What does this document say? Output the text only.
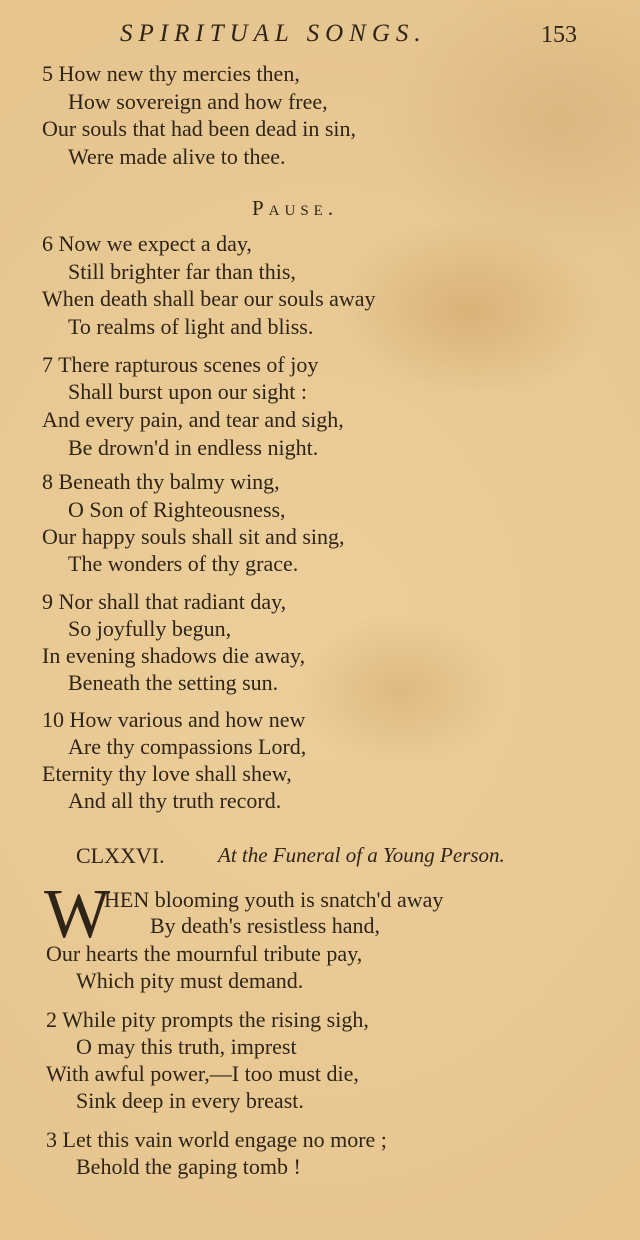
SPIRITUAL SONGS.	153
5 How new thy mercies then,
How sovereign and how free,
Our souls that had been dead in sin,
Were made alive to thee.
Pause.
6 Now we expect a day,
Still brighter far than this,
When death shall bear our souls away
To realms of light and bliss.
7 There rapturous scenes of joy
Shall burst upon our sight :
And every pain, and tear and sigh,
Be drown'd in endless night.
8 Beneath thy balmy wing,
O Son of Righteousness,
Our happy souls shall sit and sing,
The wonders of thy grace.
9 Nor shall that radiant day,
So joyfully begun,
In evening shadows die away,
Beneath the setting sun.
10 How various and how new
Are thy compassions Lord,
Eternity thy love shall shew,
And all thy truth record.
CLXXVI.	At the Funeral of a Young Person.
W
HEN blooming youth is snatch'd away
By death's resistless hand,
Our hearts the mournful tribute pay,
Which pity must demand.
2 While pity prompts the rising sigh,
O may this truth, imprest
With awful power,—I too must die,
Sink deep in every breast.
3 Let this vain world engage no more ;
Behold the gaping tomb !
